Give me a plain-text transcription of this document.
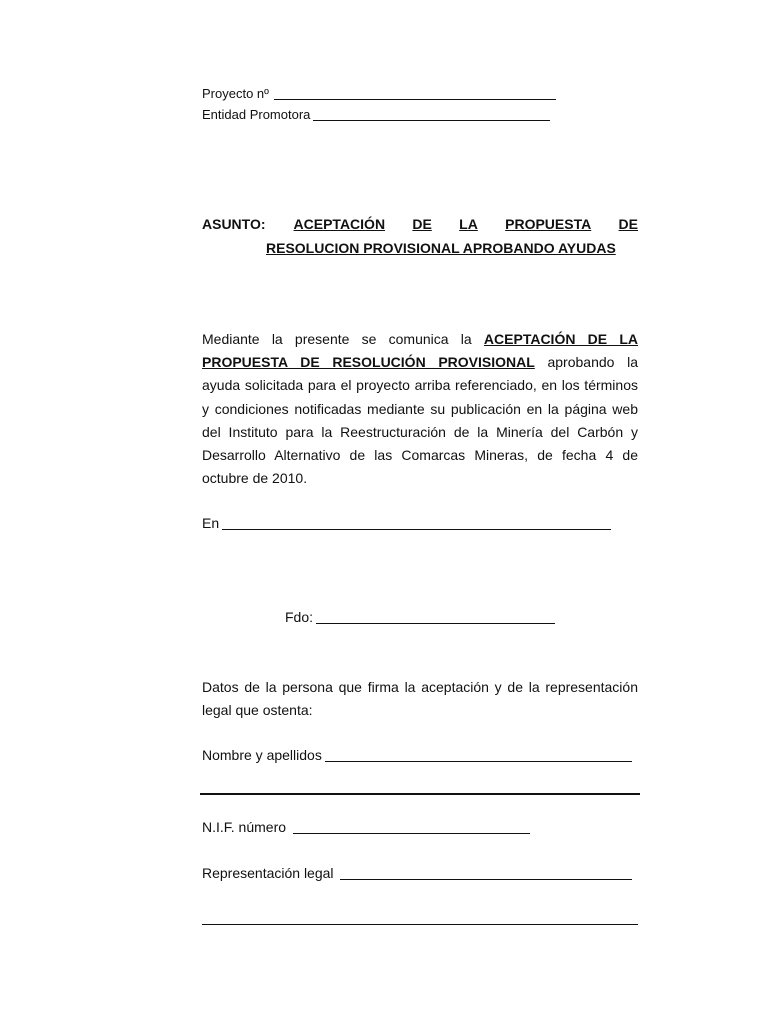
Proyecto nº
Entidad Promotora
ASUNTO: ACEPTACIÓN DE LA PROPUESTA DE
RESOLUCION PROVISIONAL APROBANDO AYUDAS
Mediante la presente se comunica la ACEPTACIÓN DE LA
PROPUESTA DE RESOLUCIÓN PROVISIONAL aprobando la
ayuda solicitada para el proyecto arriba referenciado, en los términos
y condiciones notificadas mediante su publicación en la página web
del Instituto para la Reestructuración de la Minería del Carbón y
Desarrollo Alternativo de las Comarcas Mineras, de fecha 4 de
octubre de 2010.
En
Fdo:
Datos de la persona que firma la aceptación y de la representación
legal que ostenta:
Nombre y apellidos
N.I.F. número
Representación legal
